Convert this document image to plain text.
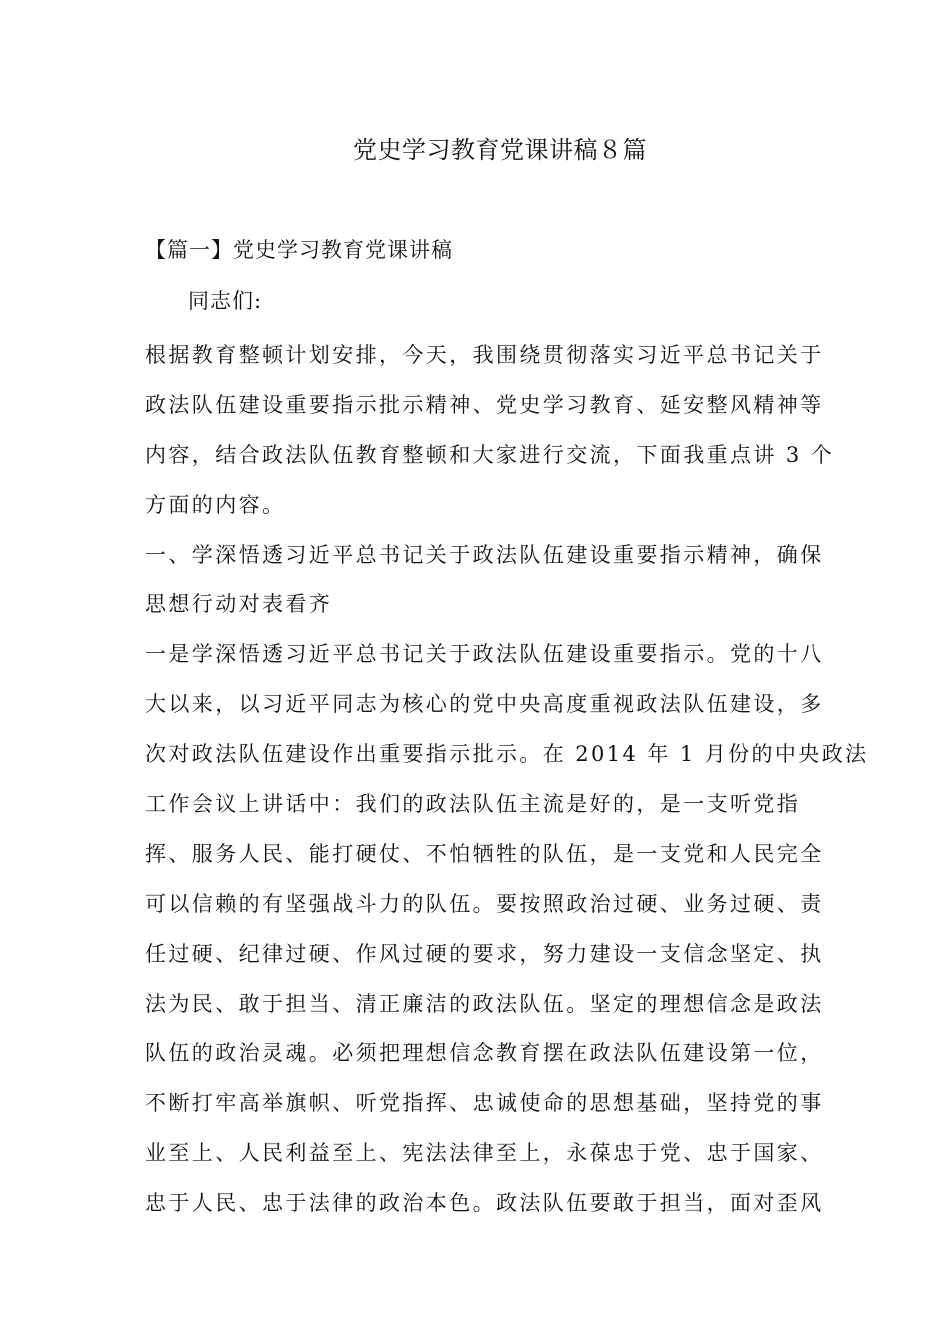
党史学习教育党课讲稿８篇
【篇一】党史学习教育党课讲稿

同志们:

根据教育整顿计划安排，今天，我围绕贯彻落实习近平总书记关于
政法队伍建设重要指示批示精神、党史学习教育、延安整风精神等
内容，结合政法队伍教育整顿和大家进行交流，下面我重点讲 3 个
方面的内容。
一、学深悟透习近平总书记关于政法队伍建设重要指示精神，确保
思想行动对表看齐
一是学深悟透习近平总书记关于政法队伍建设重要指示。党的十八
大以来，以习近平同志为核心的党中央高度重视政法队伍建设，多
次对政法队伍建设作出重要指示批示。在 2014 年 1 月份的中央政法
工作会议上讲话中：我们的政法队伍主流是好的，是一支听党指
挥、服务人民、能打硬仗、不怕牺牲的队伍，是一支党和人民完全
可以信赖的有坚强战斗力的队伍。要按照政治过硬、业务过硬、责
任过硬、纪律过硬、作风过硬的要求，努力建设一支信念坚定、执
法为民、敢于担当、清正廉洁的政法队伍。坚定的理想信念是政法
队伍的政治灵魂。必须把理想信念教育摆在政法队伍建设第一位，
不断打牢高举旗帜、听党指挥、忠诚使命的思想基础，坚持党的事
业至上、人民利益至上、宪法法律至上，永葆忠于党、忠于国家、
忠于人民、忠于法律的政治本色。政法队伍要敢于担当，面对歪风
